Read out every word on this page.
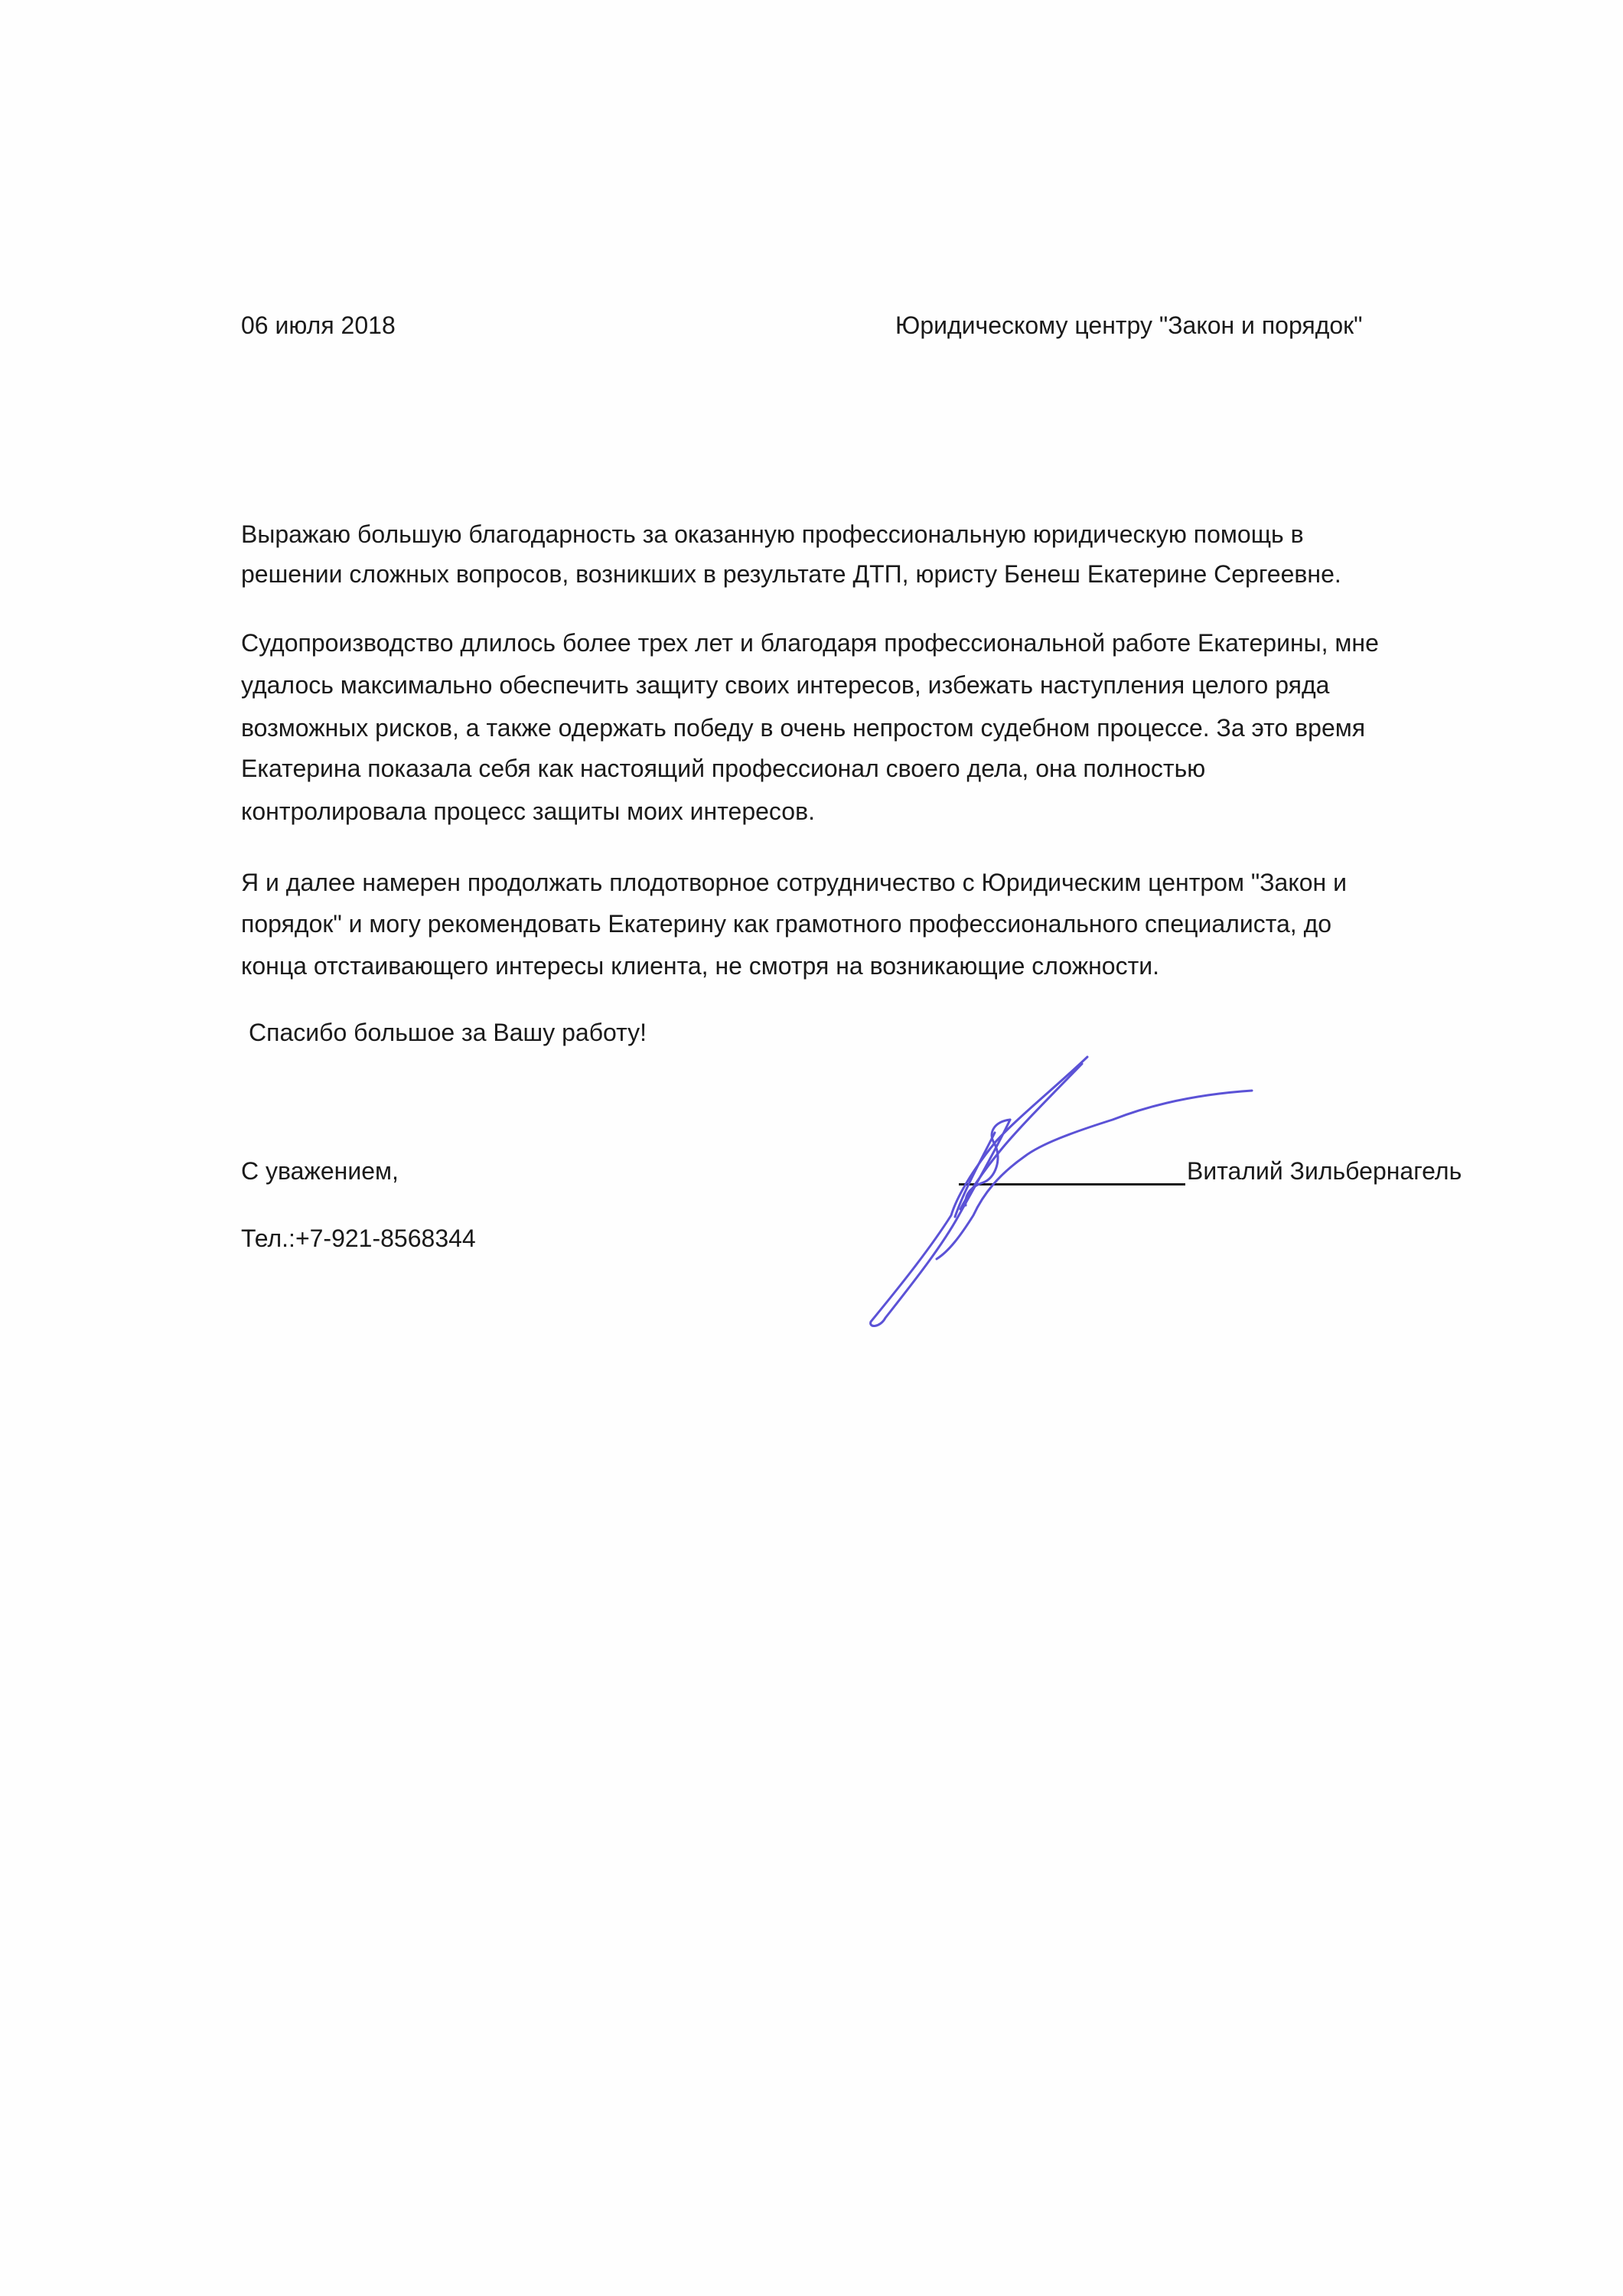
06 июля 2018	Юридическому центру "Закон и порядок"
Выражаю большую благодарность за оказанную профессиональную юридическую помощь в
решении сложных вопросов, возникших в результате ДТП, юристу Бенеш Екатерине Сергеевне.
Судопроизводство длилось более трех лет и благодаря профессиональной работе Екатерины, мне
удалось максимально обеспечить защиту своих интересов, избежать наступления целого ряда
возможных рисков, а также одержать победу в очень непростом судебном процессе. За это время
Екатерина показала себя как настоящий профессионал своего дела, она полностью
контролировала процесс защиты моих интересов.
Я и далее намерен продолжать плодотворное сотрудничество с Юридическим центром "Закон и
порядок" и могу рекомендовать Екатерину как грамотного профессионального специалиста, до
конца отстаивающего интересы клиента, не смотря на возникающие сложности.
Спасибо большое за Вашу работу!
С уважением,
Тел.:+7-921-8568344
Виталий Зильбернагель
